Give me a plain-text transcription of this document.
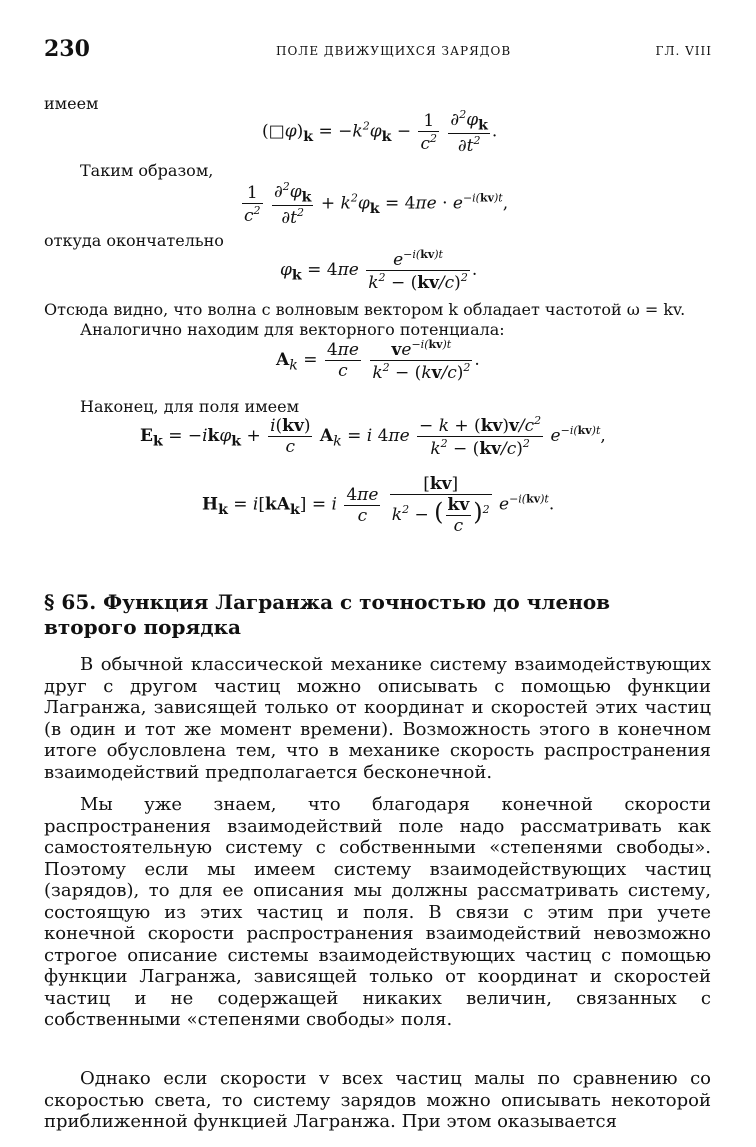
230	ПОЛЕ ДВИЖУЩИХСЯ ЗАРЯДОВ	ГЛ. VIII
имеем
$(□\varphi)_k = -k^2\varphi_k - \frac{1}{c^2}$
$\frac{\partial^2\varphi_k}{\partial t^2}$ .
Таким образом,
$\frac{1}{c^2}$
$\frac{\partial^2\varphi_k}{\partial t^2} + k^2\varphi_k = 4\pi e \cdot e^{-i(kv)t}$,
откуда окончательно
$\varphi_k = 4\pi e \frac{e^{-i(kv)t}}{k^2 - (kv/c)^2}$ .
Отсюда видно, что волна с волновым вектором k обладает частотой ω = kv.
Аналогично находим для векторного потенциала:
$A_k = \frac{4\pi e}{c}$
$\frac{ve^{-i(kv)t}}{k^2 - (kv/c)^2}$ .
Наконец, для поля имеем
$E_k = -ik\varphi_k + \frac{i(kv)}{c} A_k = i$ $4\pi e \frac{- k + (kv)v/c^2}{k^2 - (kv/c)^2} e^{-i(kv)t}$,
$H_k = i[kA_k] = i \frac{4\pi e}{c}$
$\frac{[kv]}{k^2 - ( \frac{kv}{c} )^2} e^{-i(kv)t}$.
§ 65. Функция Лагранжа с точностью до членов
второго порядка
В обычной классической механике систему взаимодействующих друг с другом частиц можно описывать с помощью функции Лагранжа, зависящей только от координат и скоростей этих частиц (в один и тот же момент времени). Возможность этого в конечном итоге обусловлена тем, что в механике скорость распространения взаимодействий предполагается бесконечной.
Мы уже знаем, что благодаря конечной скорости распространения взаимодействий поле надо рассматривать как самостоятельную систему с собственными «степенями свободы». Поэтому если мы имеем систему взаимодействующих частиц (зарядов), то для ее описания мы должны рассматривать систему, состоящую из этих частиц и поля. В связи с этим при учете конечной скорости распространения взаимодействий невозможно строгое описание системы взаимодействующих частиц с помощью функции Лагранжа, зависящей только от координат и скоростей частиц и не содержащей никаких величин, связанных с собственными «степенями свободы» поля.
Однако если скорости v всех частиц малы по сравнению со скоростью света, то систему зарядов можно описывать некоторой приближенной функцией Лагранжа. При этом оказывается
